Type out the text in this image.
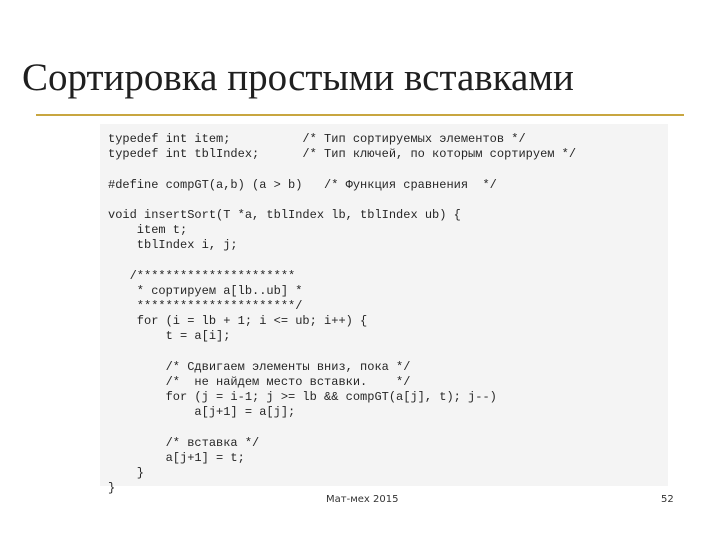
Сортировка простыми вставками
typedef int item;          /* Тип сортируемых элементов */
typedef int tblIndex;      /* Тип ключей, по которым сортируем */
#define compGT(a,b) (a > b)   /* Функция сравнения  */
void insertSort(T *a, tblIndex lb, tblIndex ub) {
item t;
tblIndex i, j;
/**********************
* сортируем a[lb..ub] *
**********************/
for (i = lb + 1; i <= ub; i++) {
t = a[i];
/* Сдвигаем элементы вниз, пока */
/*  не найдем место вставки.    */
for (j = i-1; j >= lb && compGT(a[j], t); j--)
a[j+1] = a[j];
/* вставка */
a[j+1] = t;
}
}
Мат-мех 2015	52
